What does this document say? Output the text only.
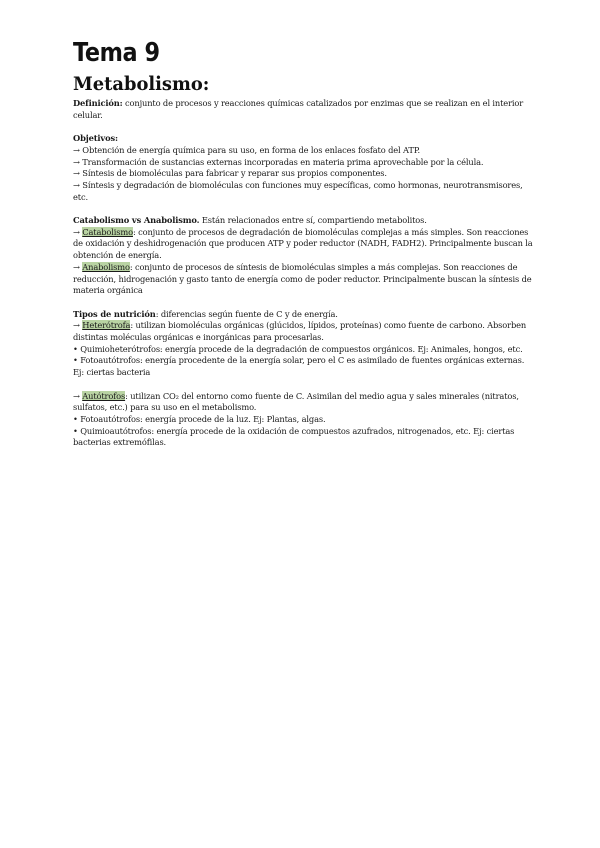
Tema 9
Metabolismo:

Definición: conjunto de procesos y reacciones químicas catalizados por enzimas que se realizan en el interior celular.

Objetivos:

→ Obtención de energía química para su uso, en forma de los enlaces fosfato del ATP.

→ Transformación de sustancias externas incorporadas en materia prima aprovechable por la célula.

→ Síntesis de biomoléculas para fabricar y reparar sus propios componentes.

→ Síntesis y degradación de biomoléculas con funciones muy específicas, como hormonas, neurotransmisores, etc.

Catabolismo vs Anabolismo. Están relacionados entre sí, compartiendo metabolitos.

→ Catabolismo: conjunto de procesos de degradación de biomoléculas complejas a más simples. Son reacciones de oxidación y deshidrogenación que producen ATP y poder reductor (NADH, FADH2). Principalmente buscan la obtención de energía.

→ Anabolismo: conjunto de procesos de síntesis de biomoléculas simples a más complejas. Son reacciones de reducción, hidrogenación y gasto tanto de energía como de poder reductor. Principalmente buscan la síntesis de materia orgánica

Tipos de nutrición: diferencias según fuente de C y de energía.

→ Heterótrofa: utilizan biomoléculas orgánicas (glúcidos, lípidos, proteínas) como fuente de carbono. Absorben distintas moléculas orgánicas e inorgánicas para procesarlas.

• Quimioheterótrofos: energía procede de la degradación de compuestos orgánicos. Ej: Animales, hongos, etc.

• Fotoautótrofos: energía procedente de la energía solar, pero el C es asimilado de fuentes orgánicas externas. Ej: ciertas bacteria

→ Autótrofos: utilizan CO₂ del entorno como fuente de C. Asimilan del medio agua y sales minerales (nitratos, sulfatos, etc.) para su uso en el metabolismo.

• Fotoautótrofos: energía procede de la luz. Ej: Plantas, algas.

• Quimioautótrofos: energía procede de la oxidación de compuestos azufrados, nitrogenados, etc. Ej: ciertas bacterias extremófilas.
